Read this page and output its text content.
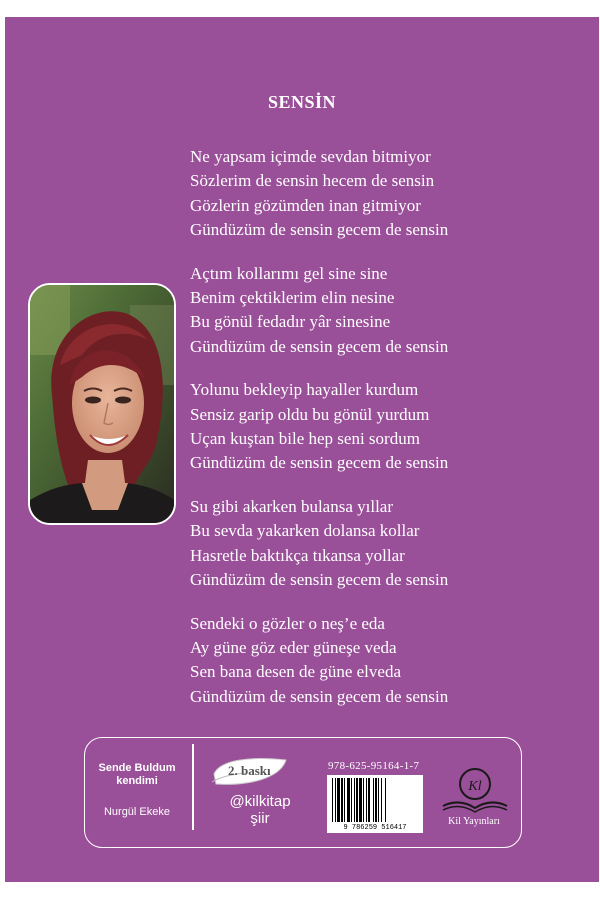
SENSİN
Ne yapsam içimde sevdan bitmiyor
Sözlerim de sensin hecem de sensin
Gözlerin gözümden inan gitmiyor
Gündüzüm de sensin gecem de sensin
Açtım kollarımı gel sine sine
Benim çektiklerim elin nesine
Bu gönül fedadır yâr sinesine
Gündüzüm de sensin gecem de sensin
Yolunu bekleyip hayaller kurdum
Sensiz garip oldu bu gönül yurdum
Uçan kuştan bile hep seni sordum
Gündüzüm de sensin gecem de sensin
Su gibi akarken bulansa yıllar
Bu sevda yakarken dolansa kollar
Hasretle baktıkça tıkansa yollar
Gündüzüm de sensin gecem de sensin
Sendeki o gözler o neş’e eda
Ay güne göz eder güneşe veda
Sen bana desen de güne elveda
Gündüzüm de sensin gecem de sensin
Sende Buldum
kendimi
Nurgül Ekeke
2. baskı
@kilkitap
şiir
978-625-95164-1-7
9 786259 516417
Kl
Kil Yayınları
